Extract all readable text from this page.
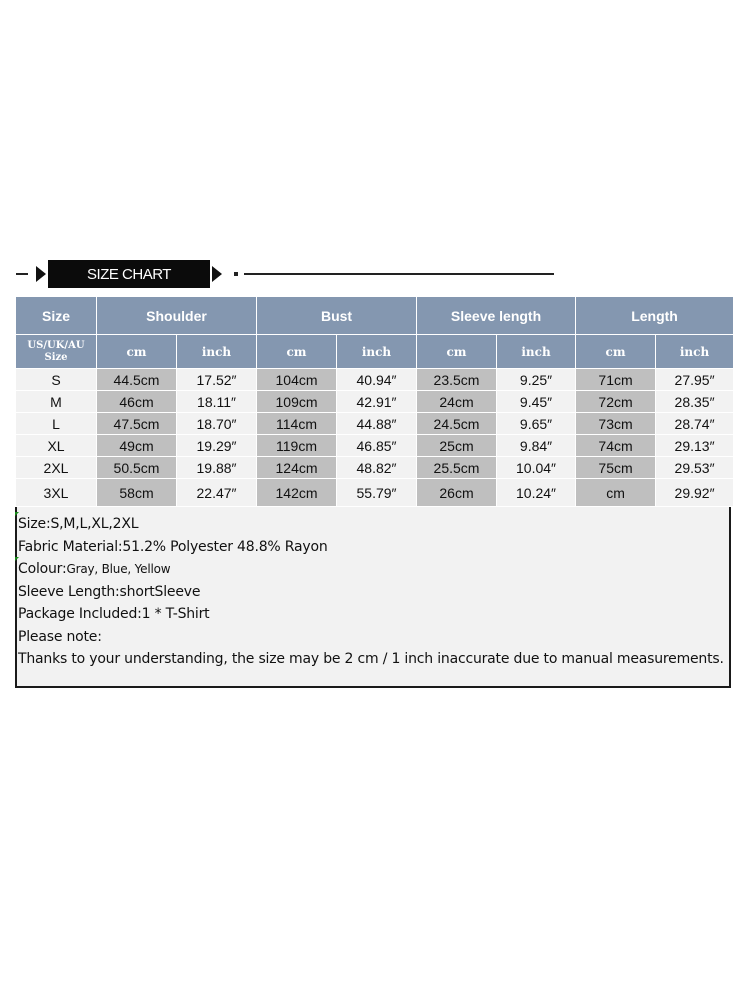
SIZE CHART
Size	Shoulder		Bust		Sleeve length		Length	
US/UK/AU Size	cm	inch	cm	inch	cm	inch	cm	inch
S	44.5cm	17.52″	104cm	40.94″	23.5cm	9.25″	71cm	27.95″
M	46cm	18.11″	109cm	42.91″	24cm	9.45″	72cm	28.35″
L	47.5cm	18.70″	114cm	44.88″	24.5cm	9.65″	73cm	28.74″
XL	49cm	19.29″	119cm	46.85″	25cm	9.84″	74cm	29.13″
2XL	50.5cm	19.88″	124cm	48.82″	25.5cm	10.04″	75cm	29.53″
3XL	58cm	22.47″	142cm	55.79″	26cm	10.24″	cm	29.92″
Size:S,M,L,XL,2XL
Fabric Material:51.2% Polyester 48.8% Rayon
Colour:Gray, Blue, Yellow
Sleeve Length:shortSleeve
Package Included:1 * T-Shirt
Please note:
Thanks to your understanding, the size may be 2 cm / 1 inch inaccurate due to manual measurements.
